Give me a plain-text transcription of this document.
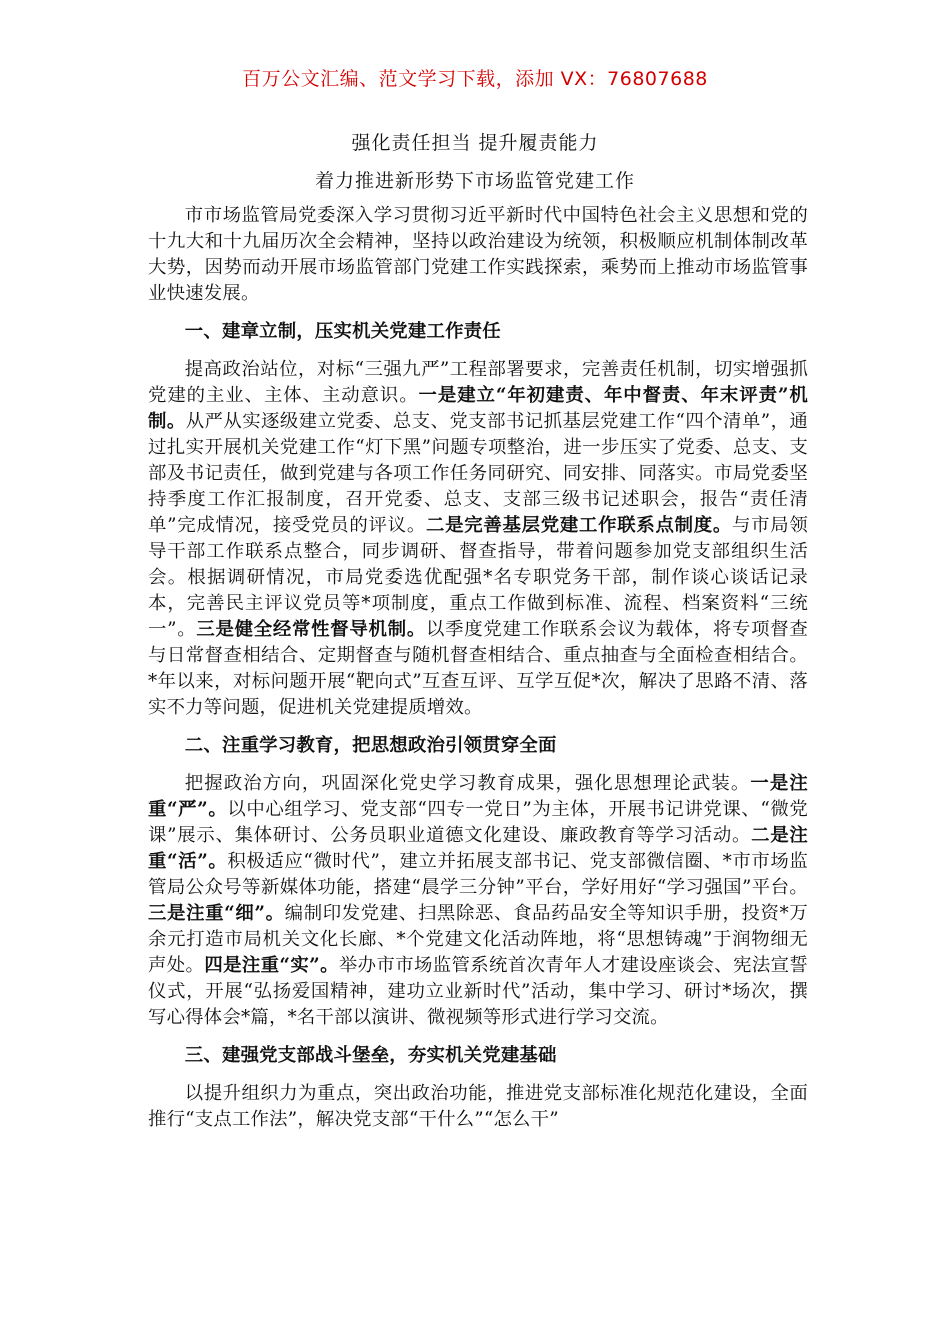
百万公文汇编、范文学习下载，添加 VX：76807688
强化责任担当 提升履责能力
着力推进新形势下市场监管党建工作

市市场监管局党委深入学习贯彻习近平新时代中国特色社会主义思想和党的十九大和十九届历次全会精神，坚持以政治建设为统领，积极顺应机制体制改革大势，因势而动开展市场监管部门党建工作实践探索，乘势而上推动市场监管事业快速发展。

一、建章立制，压实机关党建工作责任

提高政治站位，对标“三强九严”工程部署要求，完善责任机制，切实增强抓党建的主业、主体、主动意识。一是建立“年初建责、年中督责、年末评责”机制。从严从实逐级建立党委、总支、党支部书记抓基层党建工作“四个清单”，通过扎实开展机关党建工作“灯下黑”问题专项整治，进一步压实了党委、总支、支部及书记责任，做到党建与各项工作任务同研究、同安排、同落实。市局党委坚持季度工作汇报制度，召开党委、总支、支部三级书记述职会，报告“责任清单”完成情况，接受党员的评议。二是完善基层党建工作联系点制度。与市局领导干部工作联系点整合，同步调研、督查指导，带着问题参加党支部组织生活会。根据调研情况，市局党委选优配强*名专职党务干部，制作谈心谈话记录本，完善民主评议党员等*项制度，重点工作做到标准、流程、档案资料“三统一”。三是健全经常性督导机制。以季度党建工作联系会议为载体，将专项督查与日常督查相结合、定期督查与随机督查相结合、重点抽查与全面检查相结合。*年以来，对标问题开展“靶向式”互查互评、互学互促*次，解决了思路不清、落实不力等问题，促进机关党建提质增效。

二、注重学习教育，把思想政治引领贯穿全面

把握政治方向，巩固深化党史学习教育成果，强化思想理论武装。一是注重“严”。以中心组学习、党支部“四专一党日”为主体，开展书记讲党课、“微党课”展示、集体研讨、公务员职业道德文化建设、廉政教育等学习活动。二是注重“活”。积极适应“微时代”，建立并拓展支部书记、党支部微信圈、*市市场监管局公众号等新媒体功能，搭建“晨学三分钟”平台，学好用好“学习强国”平台。三是注重“细”。编制印发党建、扫黑除恶、食品药品安全等知识手册，投资*万余元打造市局机关文化长廊、*个党建文化活动阵地，将“思想铸魂”于润物细无声处。四是注重“实”。举办市市场监管系统首次青年人才建设座谈会、宪法宣誓仪式，开展“弘扬爱国精神，建功立业新时代”活动，集中学习、研讨*场次，撰写心得体会*篇，*名干部以演讲、微视频等形式进行学习交流。

三、建强党支部战斗堡垒，夯实机关党建基础

以提升组织力为重点，突出政治功能，推进党支部标准化规范化建设，全面推行“支点工作法”，解决党支部“干什么”“怎么干”
